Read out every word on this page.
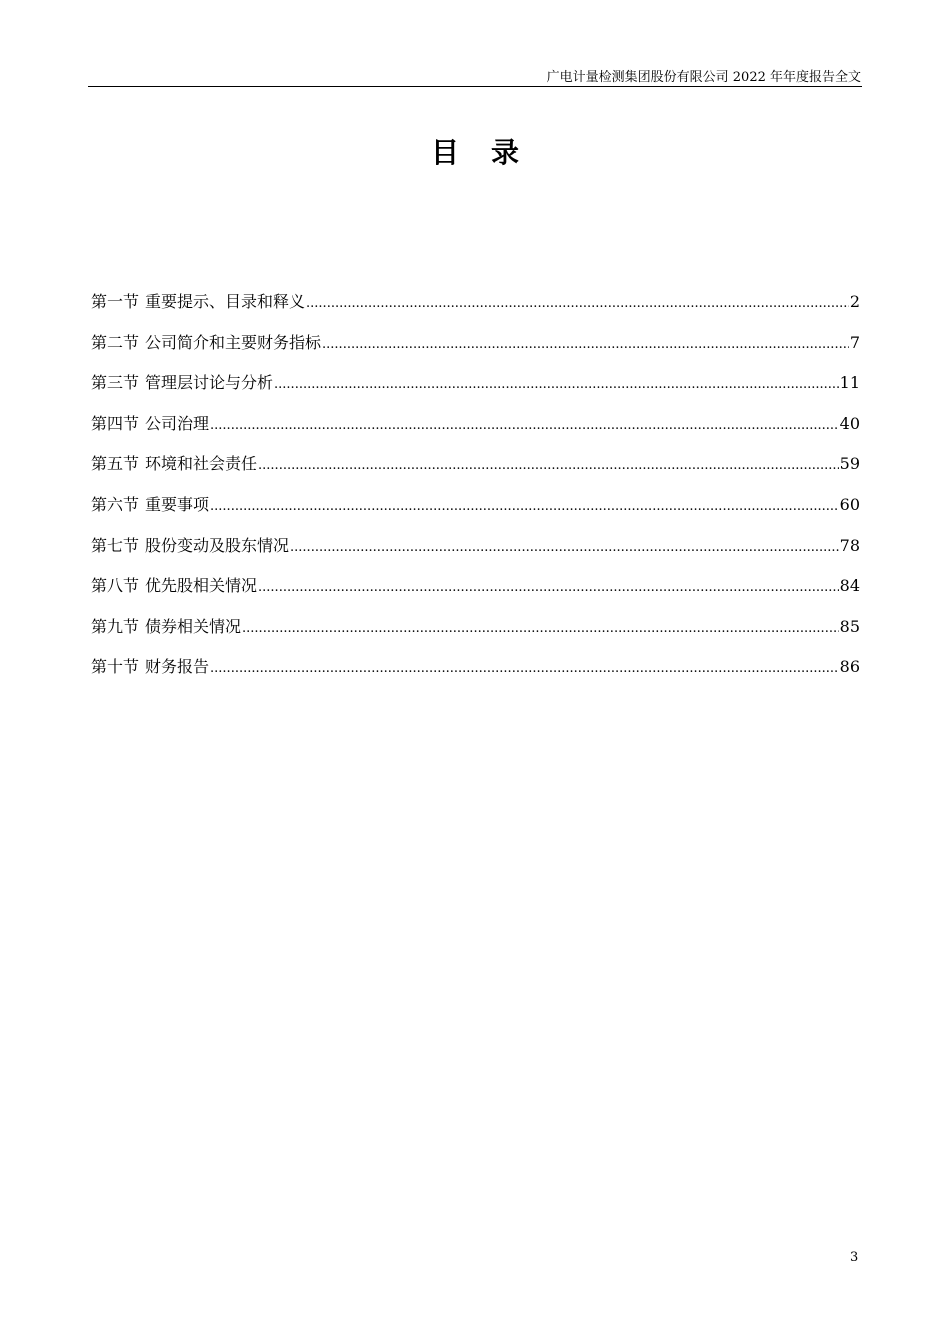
广电计量检测集团股份有限公司 2022 年年度报告全文
目 录
第一节 重要提示、目录和释义 .....	2
第二节 公司简介和主要财务指标 .....	7
第三节 管理层讨论与分析 .....	11
第四节 公司治理 .....	40
第五节 环境和社会责任 .....	59
第六节 重要事项 .....	60
第七节 股份变动及股东情况 .....	78
第八节 优先股相关情况 .....	84
第九节 债券相关情况 .....	85
第十节 财务报告 .....	86
3
